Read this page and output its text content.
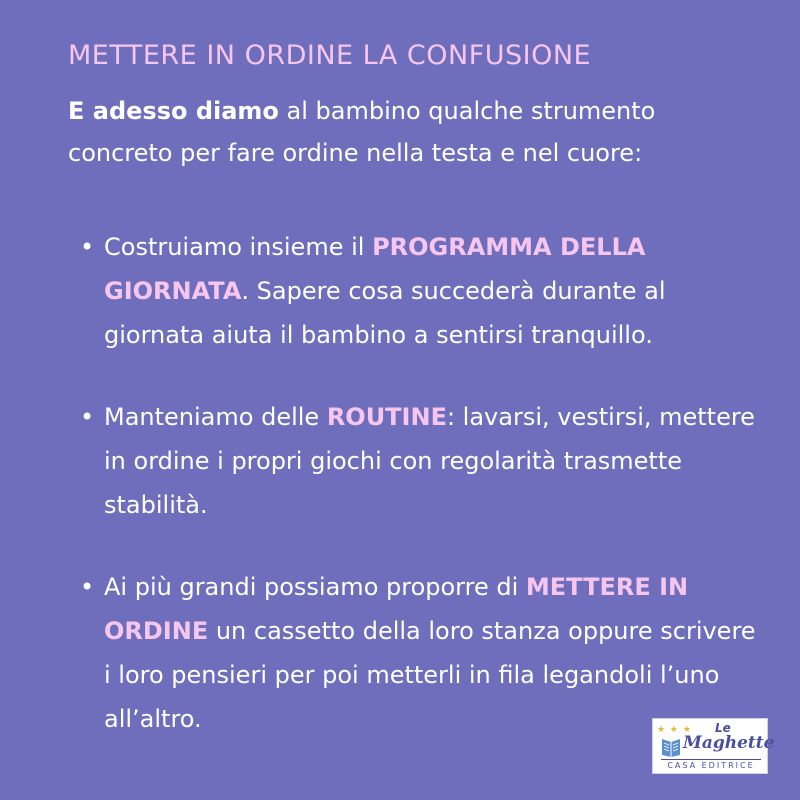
METTERE IN ORDINE LA CONFUSIONE
E adesso diamo al bambino qualche strumento concreto per fare ordine nella testa e nel cuore:
• Costruiamo insieme il PROGRAMMA DELLA GIORNATA. Sapere cosa succederà durante al giornata aiuta il bambino a sentirsi tranquillo.
• Manteniamo delle ROUTINE: lavarsi, vestirsi, mettere in ordine i propri giochi con regolarità trasmette stabilità.
• Ai più grandi possiamo proporre di METTERE IN ORDINE un cassetto della loro stanza oppure scrivere i loro pensieri per poi metterli in fila legandoli l’uno all’altro.	★ ★ ★ Le
Maghette
CASA EDITRICE
